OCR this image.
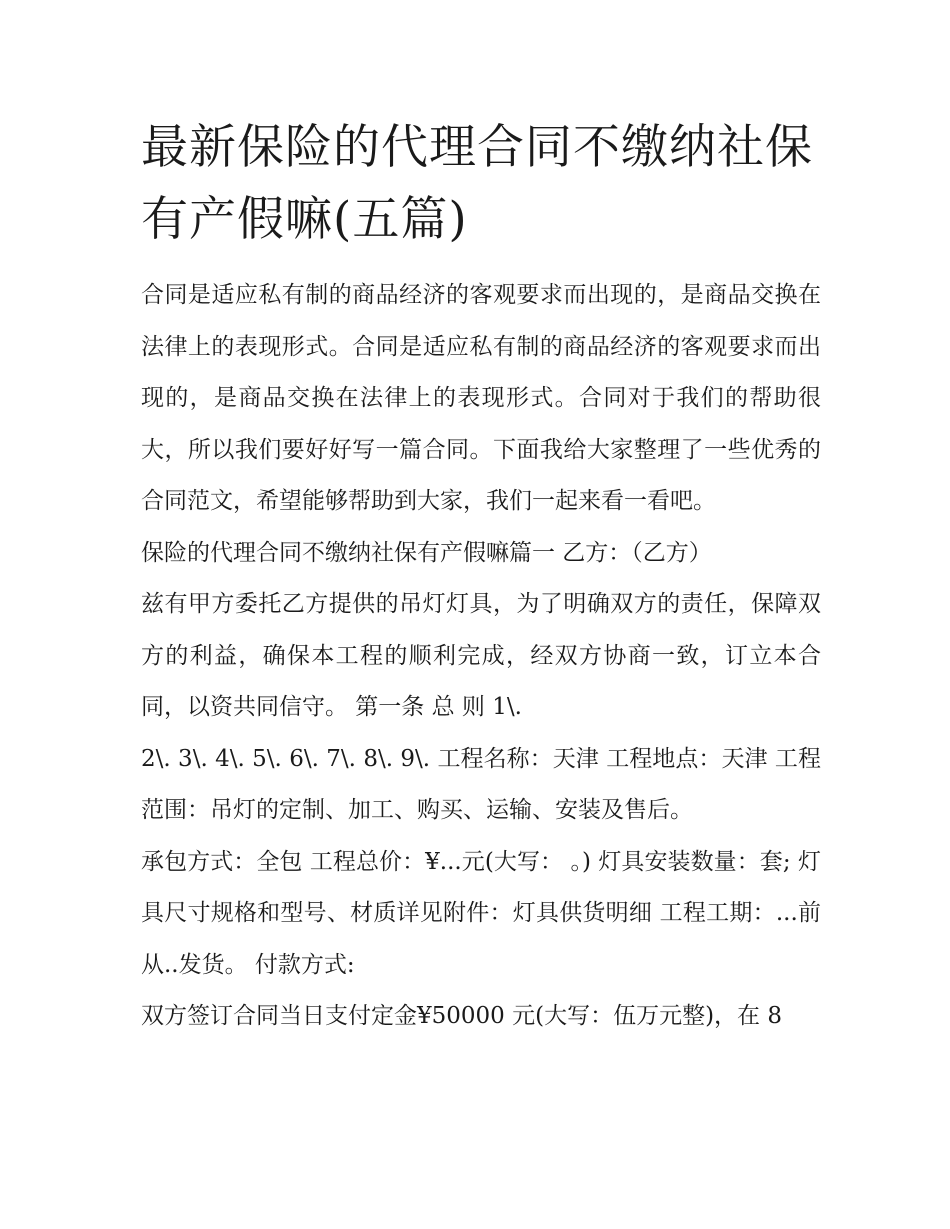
最新保险的代理合同不缴纳社保有产假嘛(五篇)

合同是适应私有制的商品经济的客观要求而出现的，是商品交换在法律上的表现形式。合同是适应私有制的商品经济的客观要求而出现的，是商品交换在法律上的表现形式。合同对于我们的帮助很大，所以我们要好好写一篇合同。下面我给大家整理了一些优秀的合同范文，希望能够帮助到大家，我们一起来看一看吧。

保险的代理合同不缴纳社保有产假嘛篇一 乙方：（乙方）

兹有甲方委托乙方提供的吊灯灯具，为了明确双方的责任，保障双方的利益，确保本工程的顺利完成，经双方协商一致，订立本合同，以资共同信守。 第一条 总 则 1\.

2\. 3\. 4\. 5\. 6\. 7\. 8\. 9\. 工程名称：天津 工程地点：天津 工程范围：吊灯的定制、加工、购买、运输、安装及售后。

承包方式：全包 工程总价：¥...元(大写： 。) 灯具安装数量：套; 灯具尺寸规格和型号、材质详见附件：灯具供货明细 工程工期：...前从..发货。 付款方式:

双方签订合同当日支付定金¥50000 元(大写：伍万元整)，在 8
